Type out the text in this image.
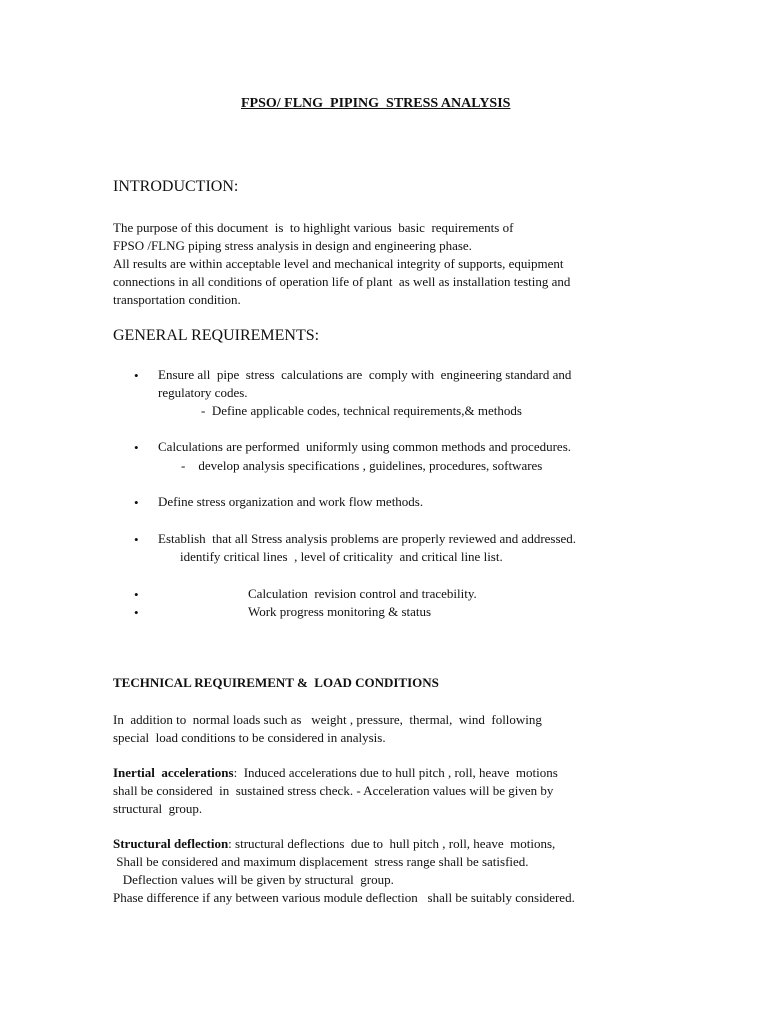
FPSO/ FLNG  PIPING  STRESS ANALYSIS
INTRODUCTION:
The purpose of this document  is  to highlight various  basic  requirements of
FPSO /FLNG piping stress analysis in design and engineering phase.
All results are within acceptable level and mechanical integrity of supports, equipment
connections in all conditions of operation life of plant  as well as installation testing and
transportation condition.
GENERAL REQUIREMENTS:
• Ensure all  pipe  stress  calculations are  comply with  engineering standard and
regulatory codes.
-  Define applicable codes, technical requirements,& methods
• Calculations are performed  uniformly using common methods and procedures.
-    develop analysis specifications , guidelines, procedures, softwares
• Define stress organization and work flow methods.
• Establish  that all Stress analysis problems are properly reviewed and addressed.
identify critical lines  , level of criticality  and critical line list.
•	Calculation  revision control and tracebility.
•	Work progress monitoring & status
TECHNICAL REQUIREMENT &  LOAD CONDITIONS
In  addition to  normal loads such as   weight , pressure,  thermal,  wind  following
special  load conditions to be considered in analysis.
Inertial  accelerations:  Induced accelerations due to hull pitch , roll, heave  motions
shall be considered  in  sustained stress check. - Acceleration values will be given by
structural  group.
Structural deflection: structural deflections  due to  hull pitch , roll, heave  motions,
Shall be considered and maximum displacement  stress range shall be satisfied.
Deflection values will be given by structural  group.
Phase difference if any between various module deflection   shall be suitably considered.
